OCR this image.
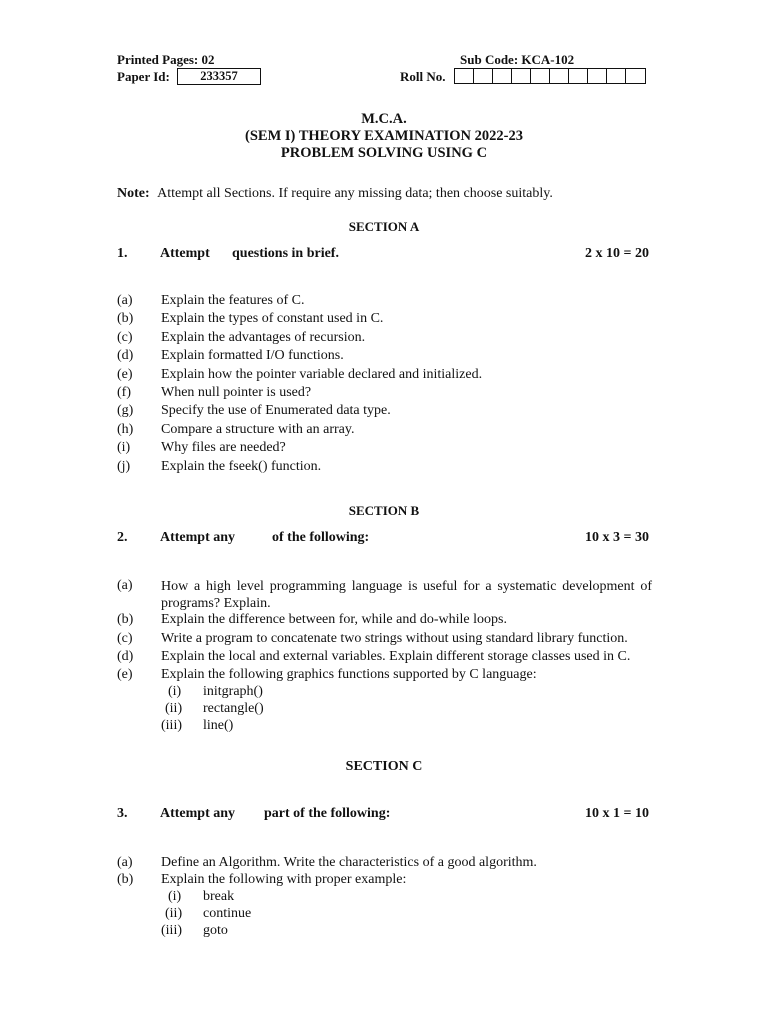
Printed Pages: 02	Sub Code: KCA-102
Paper Id:	233357	Roll No.
M.C.A.
(SEM I) THEORY EXAMINATION 2022-23
PROBLEM SOLVING USING C
Note: Attempt all Sections. If require any missing data; then choose suitably.
SECTION A
1. Attempt questions in brief.	2 x 10 = 20
(a) Explain the features of C.
(b) Explain the types of constant used in C.
(c) Explain the advantages of recursion.
(d) Explain formatted I/O functions.
(e) Explain how the pointer variable declared and initialized.
(f) When null pointer is used?
(g) Specify the use of Enumerated data type.
(h) Compare a structure with an array.
(i) Why files are needed?
(j) Explain the fseek() function.
SECTION B
2. Attempt any	of the following:	10 x 3 = 30
(a) How a high level programming language is useful for a systematic development of programs? Explain.
(b) Explain the difference between for, while and do-while loops.
(c) Write a program to concatenate two strings without using standard library function.
(d) Explain the local and external variables. Explain different storage classes used in C.
(e) Explain the following graphics functions supported by C language:
(i) initgraph()
(ii) rectangle()
(iii) line()
SECTION C
3. Attempt any part of the following:	10 x 1 = 10
(a) Define an Algorithm. Write the characteristics of a good algorithm.
(b) Explain the following with proper example:
(i) break
(ii) continue
(iii) goto
